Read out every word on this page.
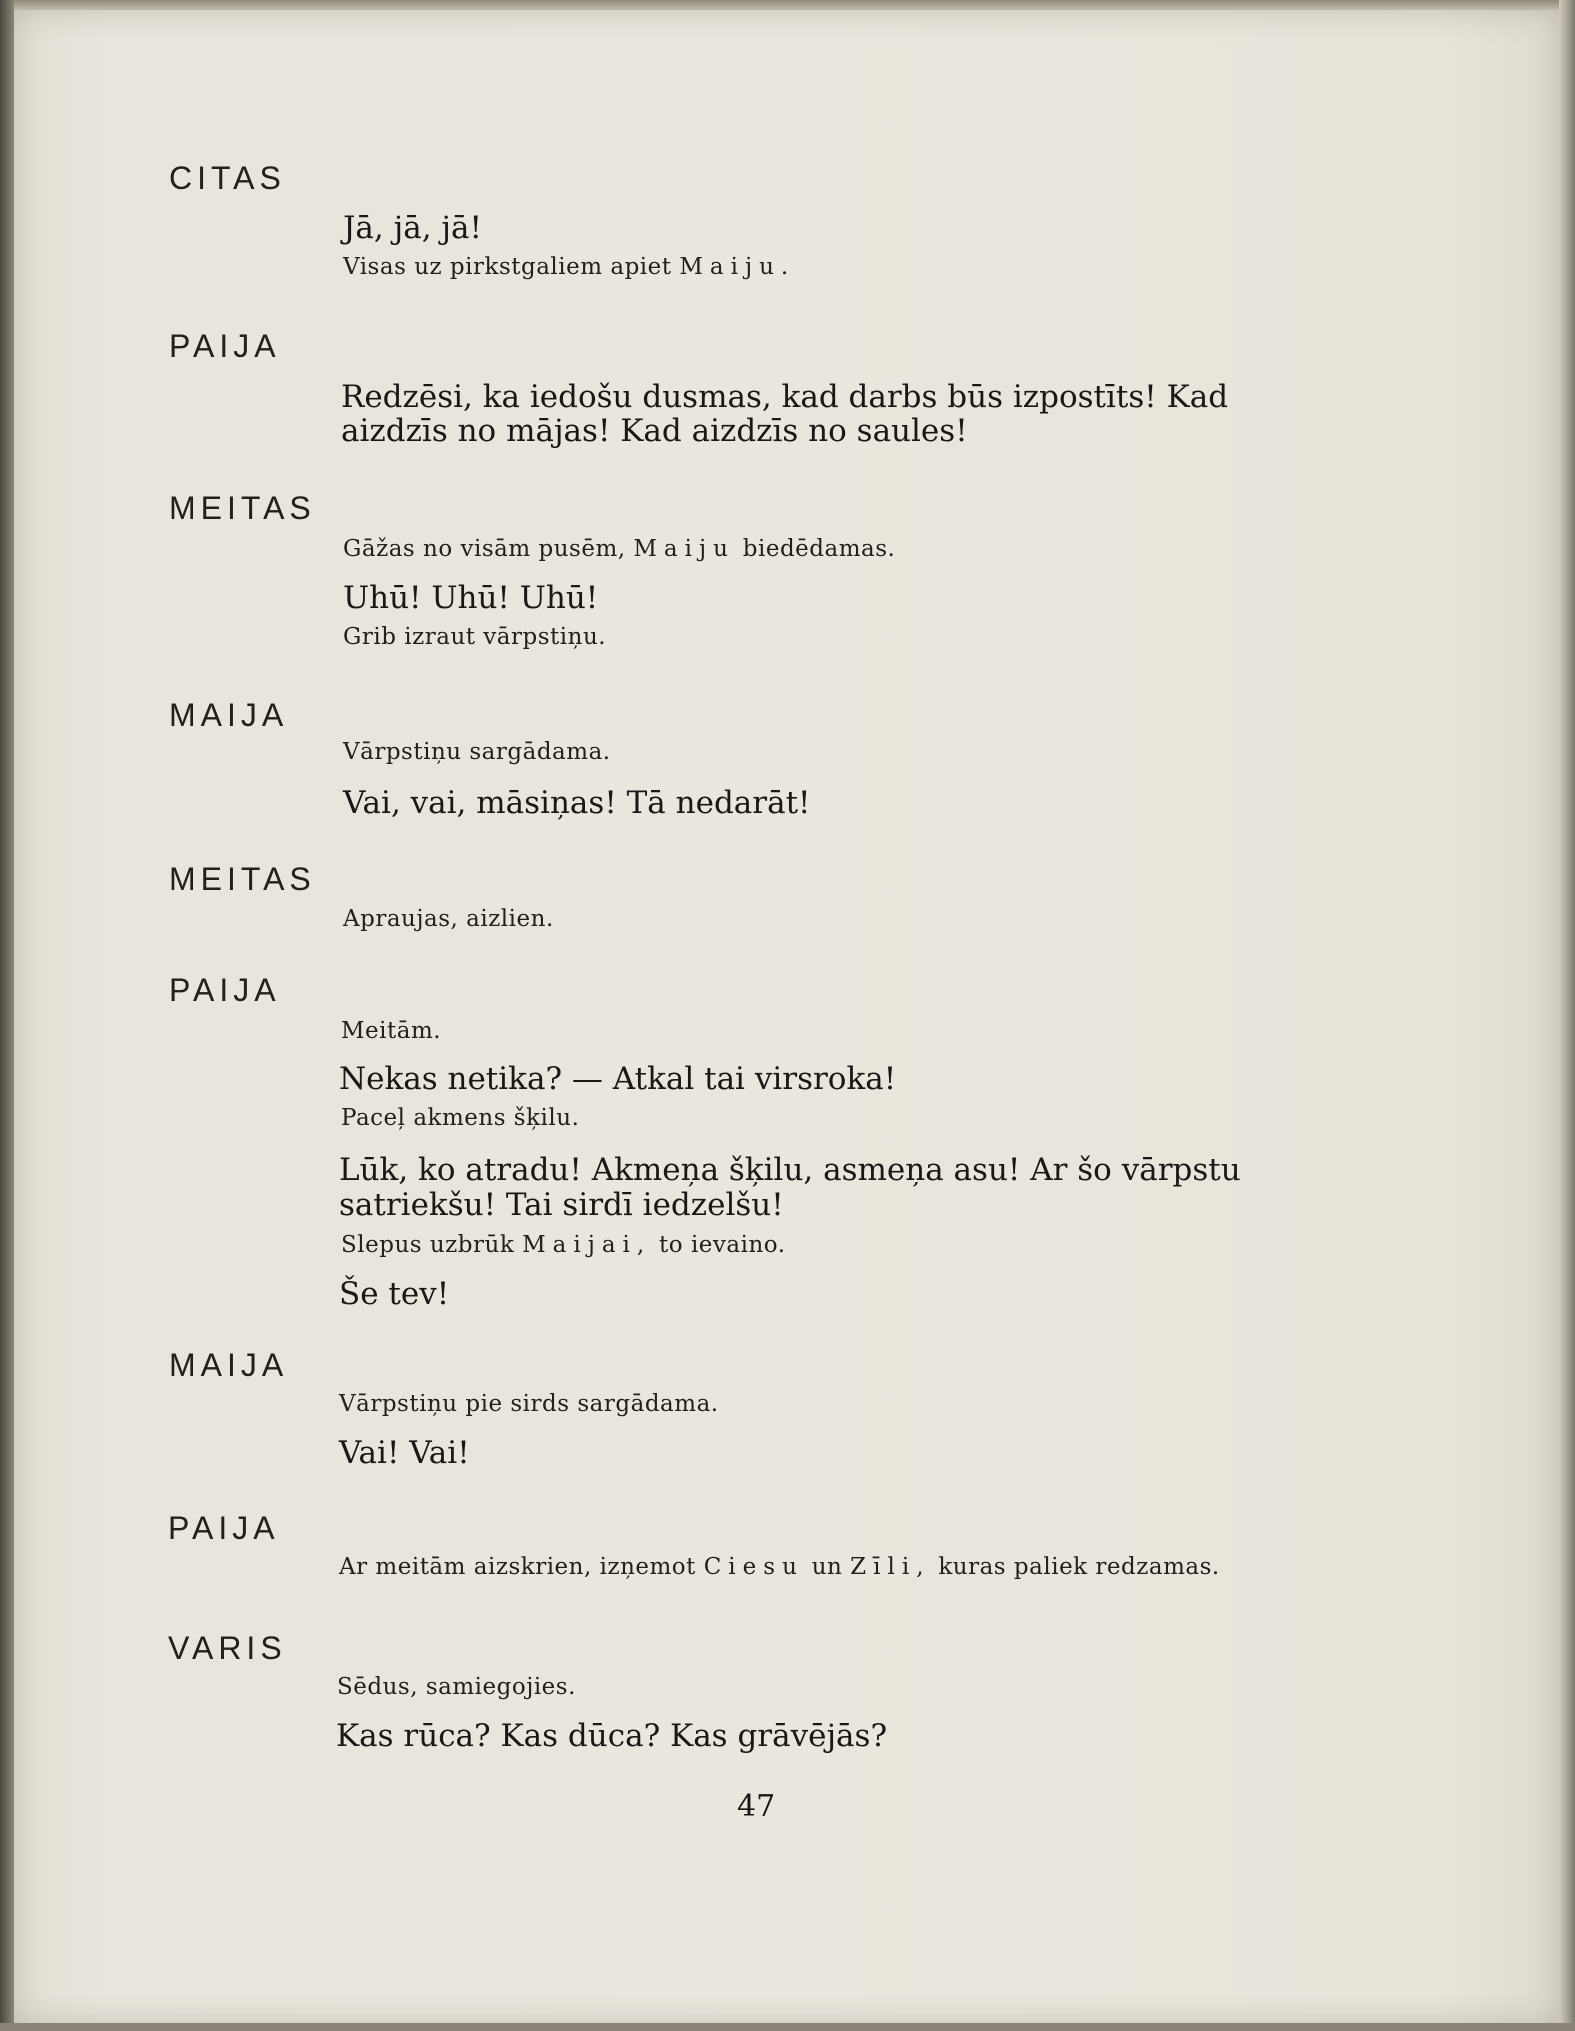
CITAS
Jā, jā, jā!
Visas uz pirkstgaliem apiet Maiju.
PAIJA
Redzēsi, ka iedošu dusmas, kad darbs būs izpostīts! Kad
aizdzīs no mājas! Kad aizdzīs no saules!
MEITAS
Gāžas no visām pusēm, Maiju biedēdamas.
Uhū! Uhū! Uhū!
Grib izraut vārpstiņu.
MAIJA
Vārpstiņu sargādama.
Vai, vai, māsiņas! Tā nedarāt!
MEITAS
Apraujas, aizlien.
PAIJA
Meitām.
Nekas netika? — Atkal tai virsroka!
Paceļ akmens šķilu.
Lūk, ko atradu! Akmeņa šķilu, asmeņa asu! Ar šo vārpstu
satriekšu! Tai sirdī iedzelšu!
Slepus uzbrūk Maijai, to ievaino.
Še tev!
MAIJA
Vārpstiņu pie sirds sargādama.
Vai! Vai!
PAIJA
Ar meitām aizskrien, izņemot Ciesu un Zīli, kuras paliek redzamas.
VARIS
Sēdus, samiegojies.
Kas rūca? Kas dūca? Kas grāvējās?
47
